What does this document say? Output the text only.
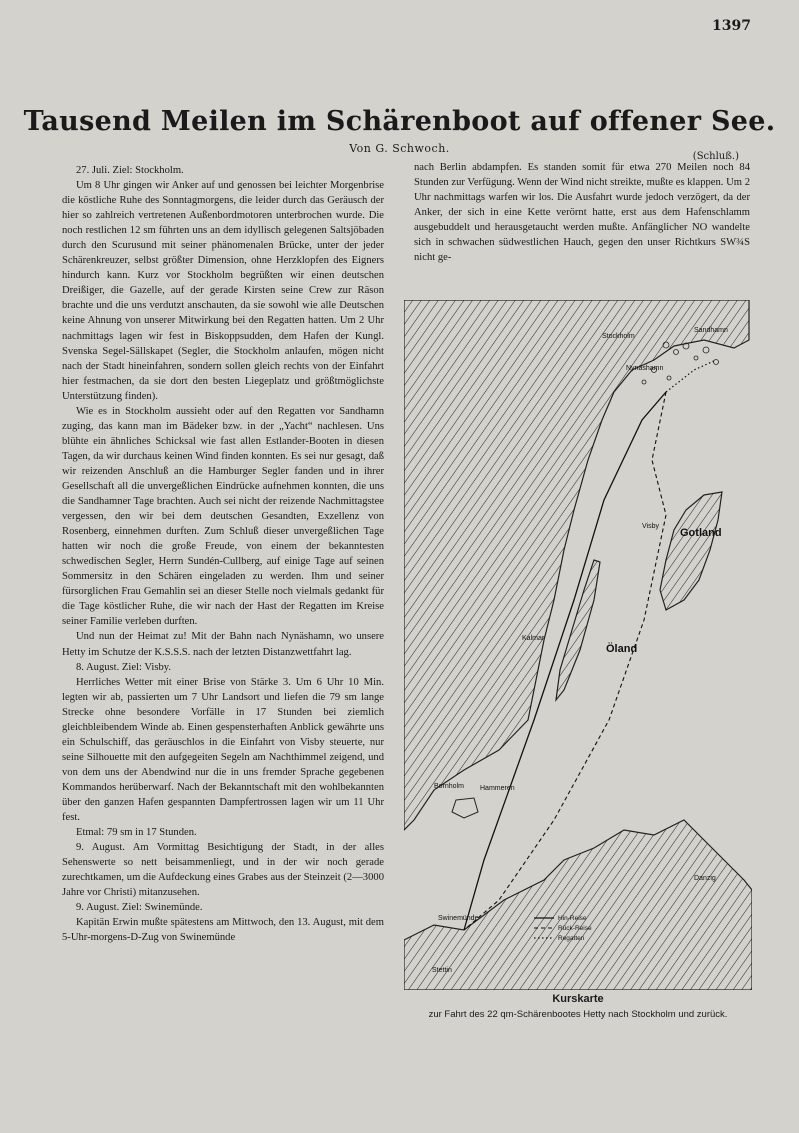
1397
Tausend Meilen im Schärenboot auf offener See.
Von G. Schwoch.
(Schluß.)

27. Juli. Ziel: Stockholm.

Um 8 Uhr gingen wir Anker auf und genossen bei leichter Morgenbrise die köstliche Ruhe des Sonntagmorgens, die leider durch das Geräusch der hier so zahlreich vertretenen Außenbordmotoren unterbrochen wurde. Die noch restlichen 12 sm führten uns an dem idyllisch gelegenen Saltsjöbaden durch den Scurusund mit seiner phänomenalen Brücke, unter der jeder Schärenkreuzer, selbst größter Dimension, ohne Herzklopfen des Eigners hindurch kann. Kurz vor Stockholm begrüßten wir einen deutschen Dreißiger, die Gazelle, auf der gerade Kirsten seine Crew zur Räson brachte und die uns verdutzt anschauten, da sie sowohl wie alle Deutschen keine Ahnung von unserer Mitwirkung bei den Regatten hatten. Um 2 Uhr nachmittags lagen wir fest in Biskoppsudden, dem Hafen der Kungl. Svenska Segel-Sällskapet (Segler, die Stockholm anlaufen, mögen nicht nach der Stadt hineinfahren, sondern sollen gleich rechts von der Einfahrt hier festmachen, da sie dort den besten Liegeplatz und größtmöglichste Unterstützung finden).

Wie es in Stockholm aussieht oder auf den Regatten vor Sandhamn zuging, das kann man im Bädeker bzw. in der „Yacht“ nachlesen. Uns blühte ein ähnliches Schicksal wie fast allen Estlander-Booten in diesen Tagen, da wir durchaus keinen Wind finden konnten. Es sei nur gesagt, daß wir reizenden Anschluß an die Hamburger Segler fanden und in ihrer Gesellschaft all die unvergeßlichen Eindrücke aufnehmen konnten, die uns die Sandhamner Tage brachten. Auch sei nicht der reizende Nachmittagstee vergessen, den wir bei dem deutschen Gesandten, Exzellenz von Rosenberg, einnehmen durften. Zum Schluß dieser unvergeßlichen Tage hatten wir noch die große Freude, von einem der bekanntesten schwedischen Segler, Herrn Sundén-Cullberg, auf einige Tage auf seinen Sommersitz in den Schären eingeladen zu werden. Ihm und seiner fürsorglichen Frau Gemahlin sei an dieser Stelle noch vielmals gedankt für die Tage köstlicher Ruhe, die wir nach der Hast der Regatten im Kreise seiner Familie verleben durften.

Und nun der Heimat zu! Mit der Bahn nach Nynäshamn, wo unsere Hetty im Schutze der K.S.S.S. nach der letzten Distanzwettfahrt lag.

8. August. Ziel: Visby.

Herrliches Wetter mit einer Brise von Stärke 3. Um 6 Uhr 10 Min. legten wir ab, passierten um 7 Uhr Landsort und liefen die 79 sm lange Strecke ohne besondere Vorfälle in 17 Stunden bei ziemlich gleichbleibendem Winde ab. Einen gespensterhaften Anblick gewährte uns ein Schulschiff, das geräuschlos in die Einfahrt von Visby steuerte, nur seine Silhouette mit den aufgegeiten Segeln am Nachthimmel zeigend, und von dem uns der Abendwind nur die in uns fremder Sprache gegebenen Kommandos herüberwarf. Nach der Bekanntschaft mit den wohlbekannten über den ganzen Hafen gespannten Dampfertrossen lagen wir um 11 Uhr fest.

Etmal: 79 sm in 17 Stunden.

9. August. Am Vormittag Besichtigung der Stadt, in der alles Sehenswerte so nett beisammenliegt, und in der wir noch gerade zurechtkamen, um die Aufdeckung eines Grabes aus der Steinzeit (2—3000 Jahre vor Christi) mitanzusehen.

9. August. Ziel: Swinemünde.

Kapitän Erwin mußte spätestens am Mittwoch, den 13. August, mit dem 5-Uhr-morgens-D-Zug von Swinemünde

nach Berlin abdampfen. Es standen somit für etwa 270 Meilen noch 84 Stunden zur Verfügung. Wenn der Wind nicht streikte, mußte es klappen. Um 2 Uhr nachmittags warfen wir los. Die Ausfahrt wurde jedoch verzögert, da der Anker, der sich in eine Kette verörnt hatte, erst aus dem Hafenschlamm ausgebuddelt und herausgetaucht werden mußte. Anfänglicher NO wandelte sich in schwachen südwestlichen Hauch, gegen den unser Richtkurs SW¾S nicht ge-

Stockholm
Sandhamn
Nynäshamn
Visby
Gotland
Kalmar
Öland
Bornholm
Swinemünde
Stettin
Danzig
Hammeren
Hin-Reise
Rück-Reise
Regatten
Kurskarte
zur Fahrt des 22 qm-Schärenbootes Hetty nach Stockholm und zurück.
